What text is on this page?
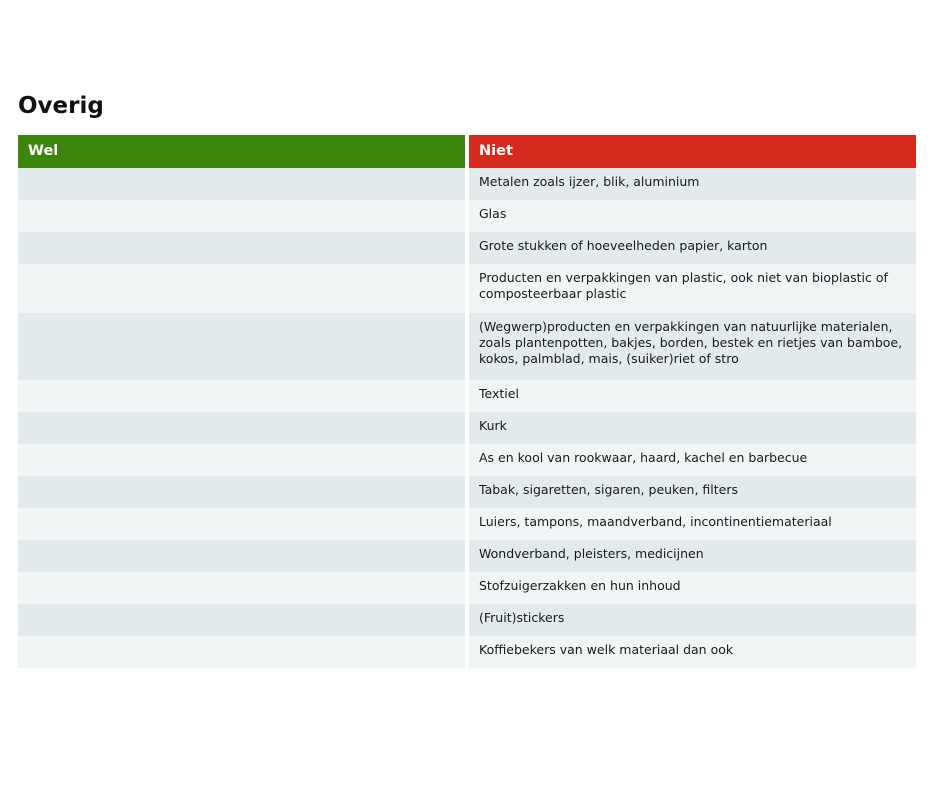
Overig
Wel	Niet
Metalen zoals ijzer, blik, aluminium
Glas
Grote stukken of hoeveelheden papier, karton
Producten en verpakkingen van plastic, ook niet van bioplastic of composteerbaar plastic
(Wegwerp)producten en verpakkingen van natuurlijke materialen, zoals plantenpotten, bakjes, borden, bestek en rietjes van bamboe, kokos, palmblad, mais, (suiker)riet of stro
Textiel
Kurk
As en kool van rookwaar, haard, kachel en barbecue
Tabak, sigaretten, sigaren, peuken, filters
Luiers, tampons, maandverband, incontinentiemateriaal
Wondverband, pleisters, medicijnen
Stofzuigerzakken en hun inhoud
(Fruit)stickers
Koffiebekers van welk materiaal dan ook
